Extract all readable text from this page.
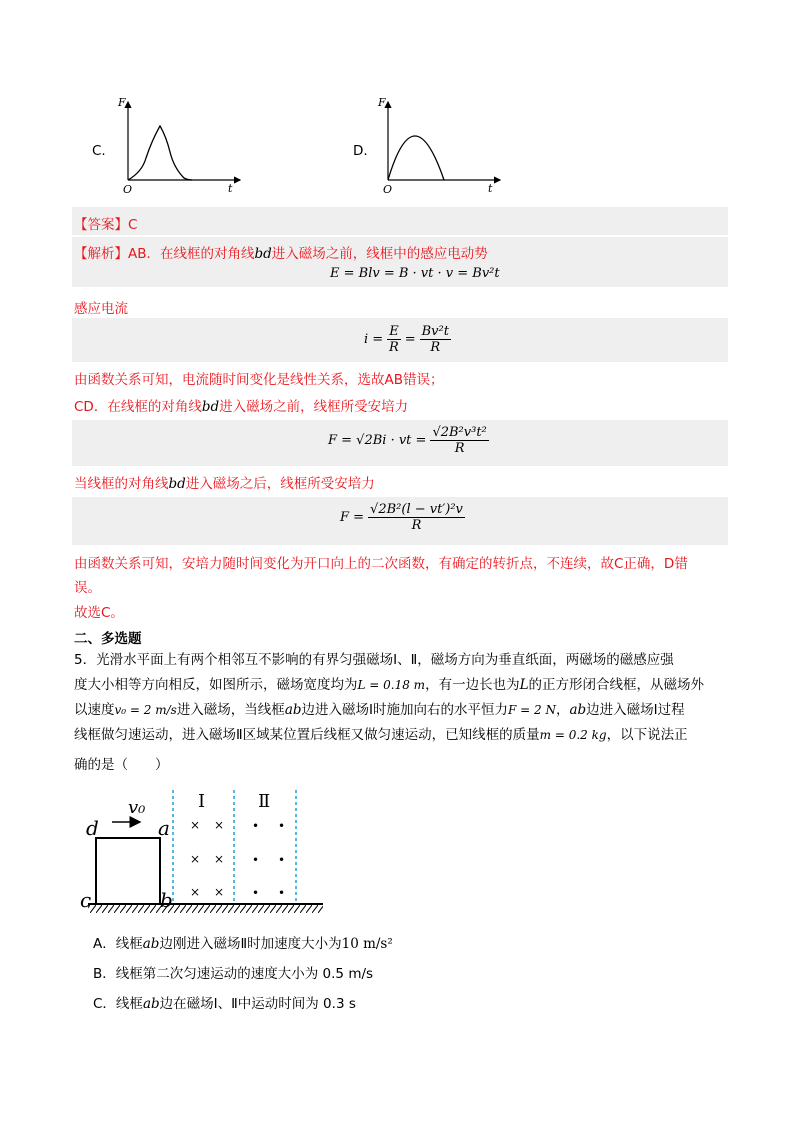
C.
F
O	t
D.
F
O	t
【答案】C
【解析】AB．在线框的对角线bd进入磁场之前，线框中的感应电动势
E = Blv = B · vt · v = Bv²t
感应电流
$i = \frac{E}{R} = \frac{\text{Bv²t}}{R}$
由函数关系可知，电流随时间变化是线性关系，选故AB错误；
CD．在线框的对角线bd进入磁场之前，线框所受安培力
F = √2Bi · vt = $\frac{\text{√2B²v³t²}}{R}$
当线框的对角线bd进入磁场之后，线框所受安培力
$F = \frac{\text{√2B²(l − vt′)²v}}{R}$
由函数关系可知，安培力随时间变化为开口向上的二次函数，有确定的转折点，不连续，故C正确，D错
误。
故选C。
二、多选题
5．光滑水平面上有两个相邻互不影响的有界匀强磁场Ⅰ、Ⅱ，磁场方向为垂直纸面，两磁场的磁感应强
度大小相等方向相反，如图所示，磁场宽度均为L = 0.18 m，有一边长也为L的正方形闭合线框，从磁场外
以速度v₀ = 2 m/s进入磁场，当线框ab边进入磁场Ⅰ时施加向右的水平恒力F = 2 N，ab边进入磁场Ⅰ过程
线框做匀速运动，进入磁场Ⅱ区域某位置后线框又做匀速运动，已知线框的质量m = 0.2 kg，以下说法正
确的是（　　）
v₀
d	a
c	b
Ⅰ	Ⅱ
× ×
× ×
× ×
• •
• •
• •
A．线框ab边刚进入磁场Ⅱ时加速度大小为10 m/s²
B．线框第二次匀速运动的速度大小为 0.5 m/s
C．线框ab边在磁场Ⅰ、Ⅱ中运动时间为 0.3 s
